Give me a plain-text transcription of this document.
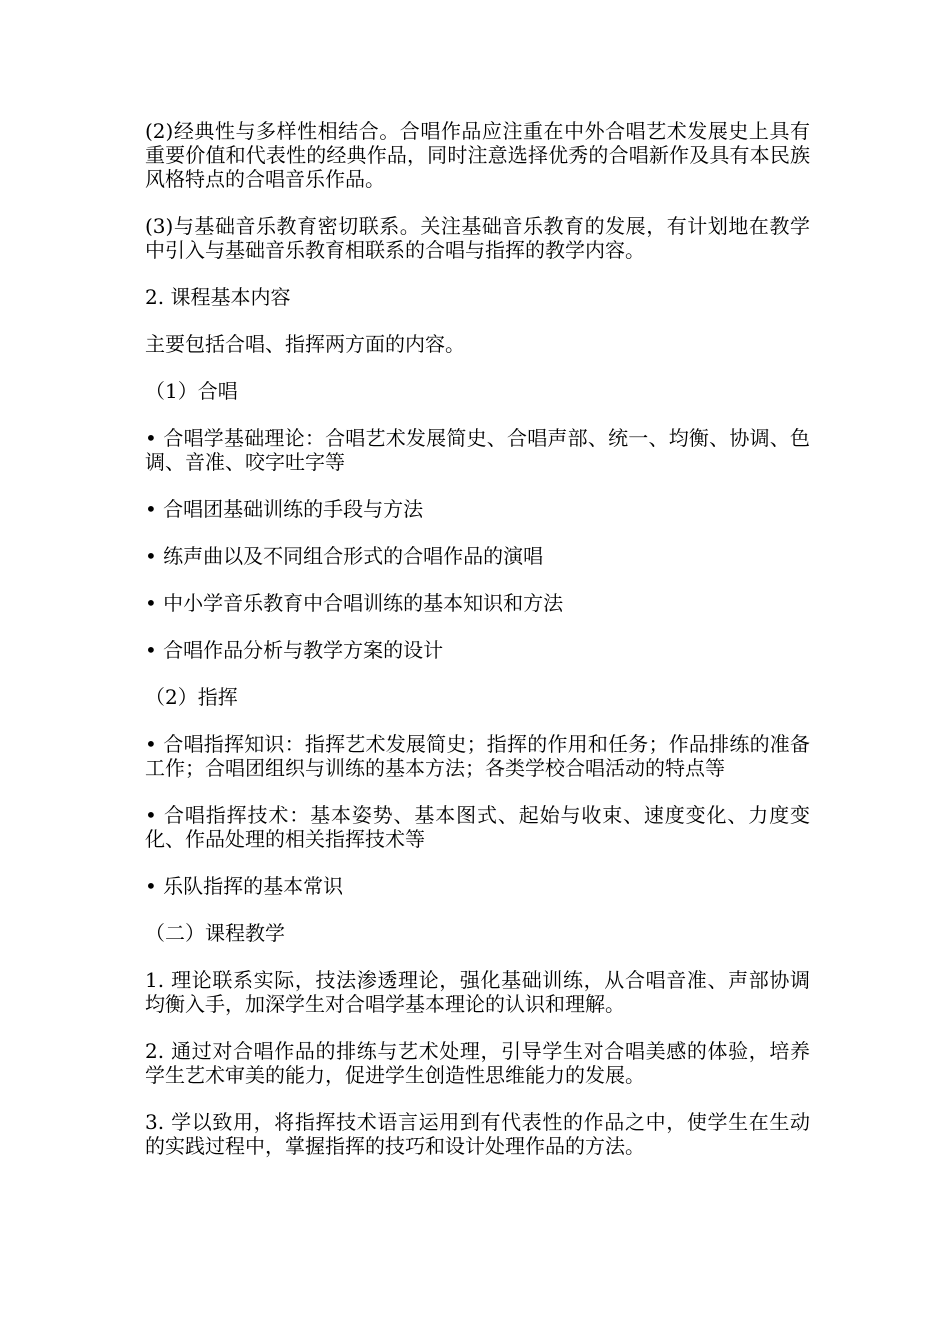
(2)经典性与多样性相结合。合唱作品应注重在中外合唱艺术发展史上具有重要价值和代表性的经典作品，同时注意选择优秀的合唱新作及具有本民族风格特点的合唱音乐作品。

(3)与基础音乐教育密切联系。关注基础音乐教育的发展，有计划地在教学中引入与基础音乐教育相联系的合唱与指挥的教学内容。

2. 课程基本内容

主要包括合唱、指挥两方面的内容。

（1）合唱

• 合唱学基础理论：合唱艺术发展简史、合唱声部、统一、均衡、协调、色调、音准、咬字吐字等

• 合唱团基础训练的手段与方法

• 练声曲以及不同组合形式的合唱作品的演唱

• 中小学音乐教育中合唱训练的基本知识和方法

• 合唱作品分析与教学方案的设计

（2）指挥

• 合唱指挥知识：指挥艺术发展简史；指挥的作用和任务；作品排练的准备工作；合唱团组织与训练的基本方法；各类学校合唱活动的特点等

• 合唱指挥技术：基本姿势、基本图式、起始与收束、速度变化、力度变化、作品处理的相关指挥技术等

• 乐队指挥的基本常识

（二）课程教学

1. 理论联系实际，技法渗透理论，强化基础训练，从合唱音准、声部协调均衡入手，加深学生对合唱学基本理论的认识和理解。

2. 通过对合唱作品的排练与艺术处理，引导学生对合唱美感的体验，培养学生艺术审美的能力，促进学生创造性思维能力的发展。

3. 学以致用，将指挥技术语言运用到有代表性的作品之中，使学生在生动的实践过程中，掌握指挥的技巧和设计处理作品的方法。
